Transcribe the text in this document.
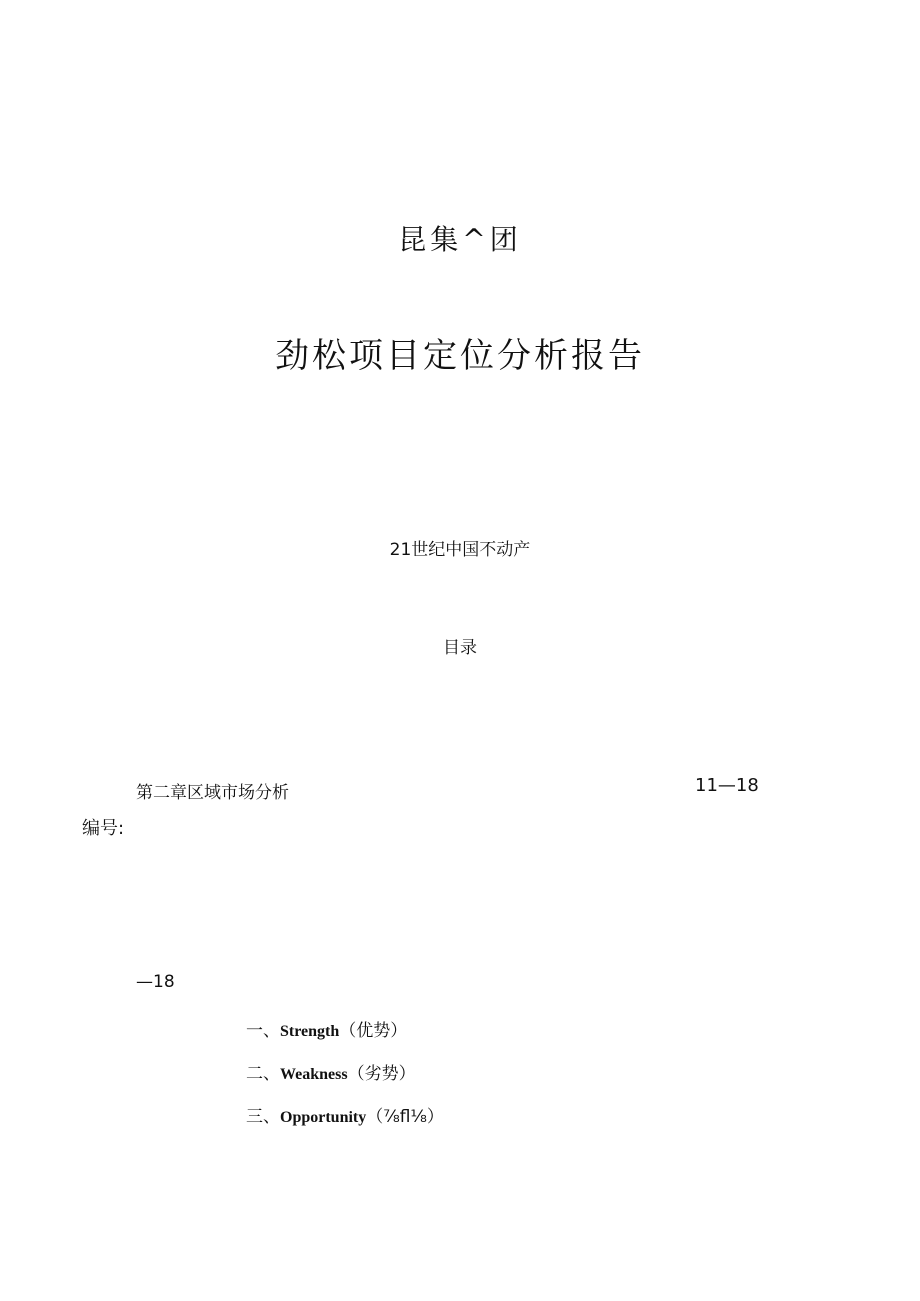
昆集^团
劲松项目定位分析报告
21世纪中国不动产
目录
第二章区域市场分析	11—18
编号:
—18
一、Strength（优势）
二、Weakness（劣势）
三、Opportunity（⅞fl⅛）
